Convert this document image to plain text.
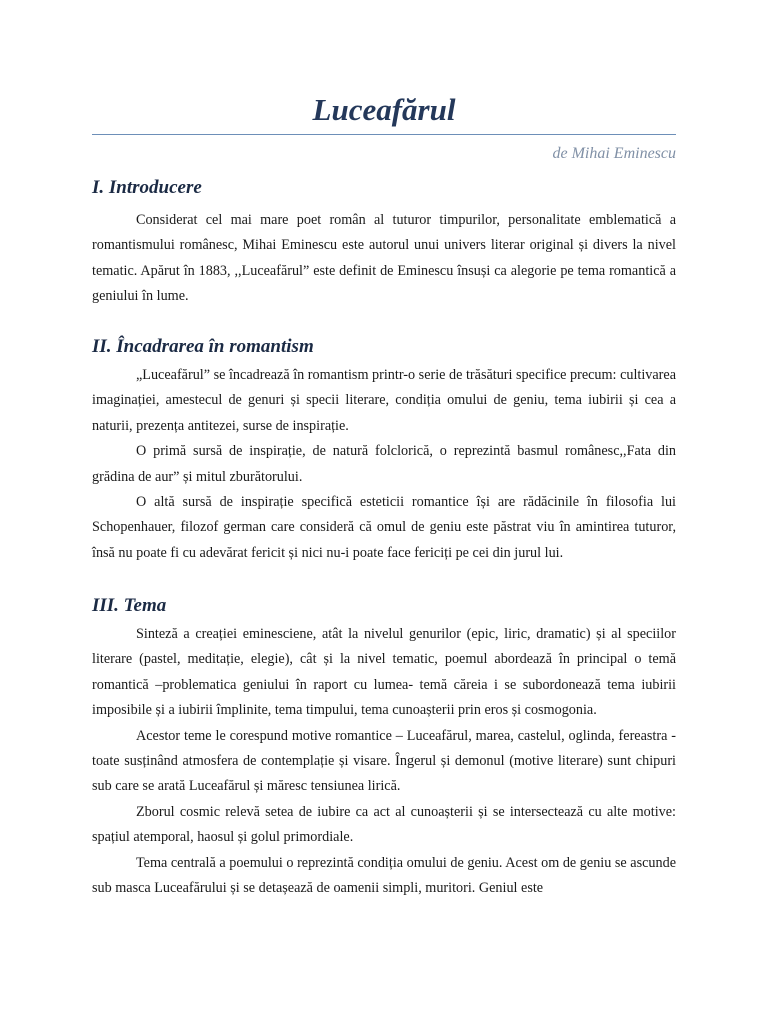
Luceafărul
de Mihai Eminescu
I. Introducere

Considerat cel mai mare poet român al tuturor timpurilor, personalitate emblematică a romantismului românesc, Mihai Eminescu este autorul unui univers literar original și divers la nivel tematic. Apărut în 1883, ,,Luceafărul” este definit de Eminescu însuși ca alegorie pe tema romantică a geniului în lume.

II. Încadrarea în romantism

„Luceafărul” se încadrează în romantism printr-o serie de trăsături specifice precum: cultivarea imaginației, amestecul de genuri și specii literare, condiția omului de geniu, tema iubirii și cea a naturii, prezența antitezei, surse de inspirație.

O primă sursă de inspirație, de natură folclorică, o reprezintă basmul românesc,,Fata din grădina de aur” și mitul zburătorului.

O altă sursă de inspirație specifică esteticii romantice își are rădăcinile în filosofia lui Schopenhauer, filozof german care consideră că omul de geniu este păstrat viu în amintirea tuturor, însă nu poate fi cu adevărat fericit și nici nu-i poate face fericiți pe cei din jurul lui.

III. Tema

Sinteză a creației eminesciene, atât la nivelul genurilor (epic, liric, dramatic) și al speciilor literare (pastel, meditație, elegie), cât și la nivel tematic, poemul abordează în principal o temă romantică –problematica geniului în raport cu lumea- temă căreia i se subordonează tema iubirii imposibile și a iubirii împlinite, tema timpului, tema cunoașterii prin eros și cosmogonia.

Acestor teme le corespund motive romantice – Luceafărul, marea, castelul, oglinda, fereastra - toate susținând atmosfera de contemplație și visare. Îngerul și demonul (motive literare) sunt chipuri sub care se arată Luceafărul și măresc tensiunea lirică.

Zborul cosmic relevă setea de iubire ca act al cunoașterii și se intersectează cu alte motive: spațiul atemporal, haosul și golul primordiale.

Tema centrală a poemului o reprezintă condiția omului de geniu. Acest om de geniu se ascunde sub masca Luceafărului și se detașează de oamenii simpli, muritori. Geniul este
